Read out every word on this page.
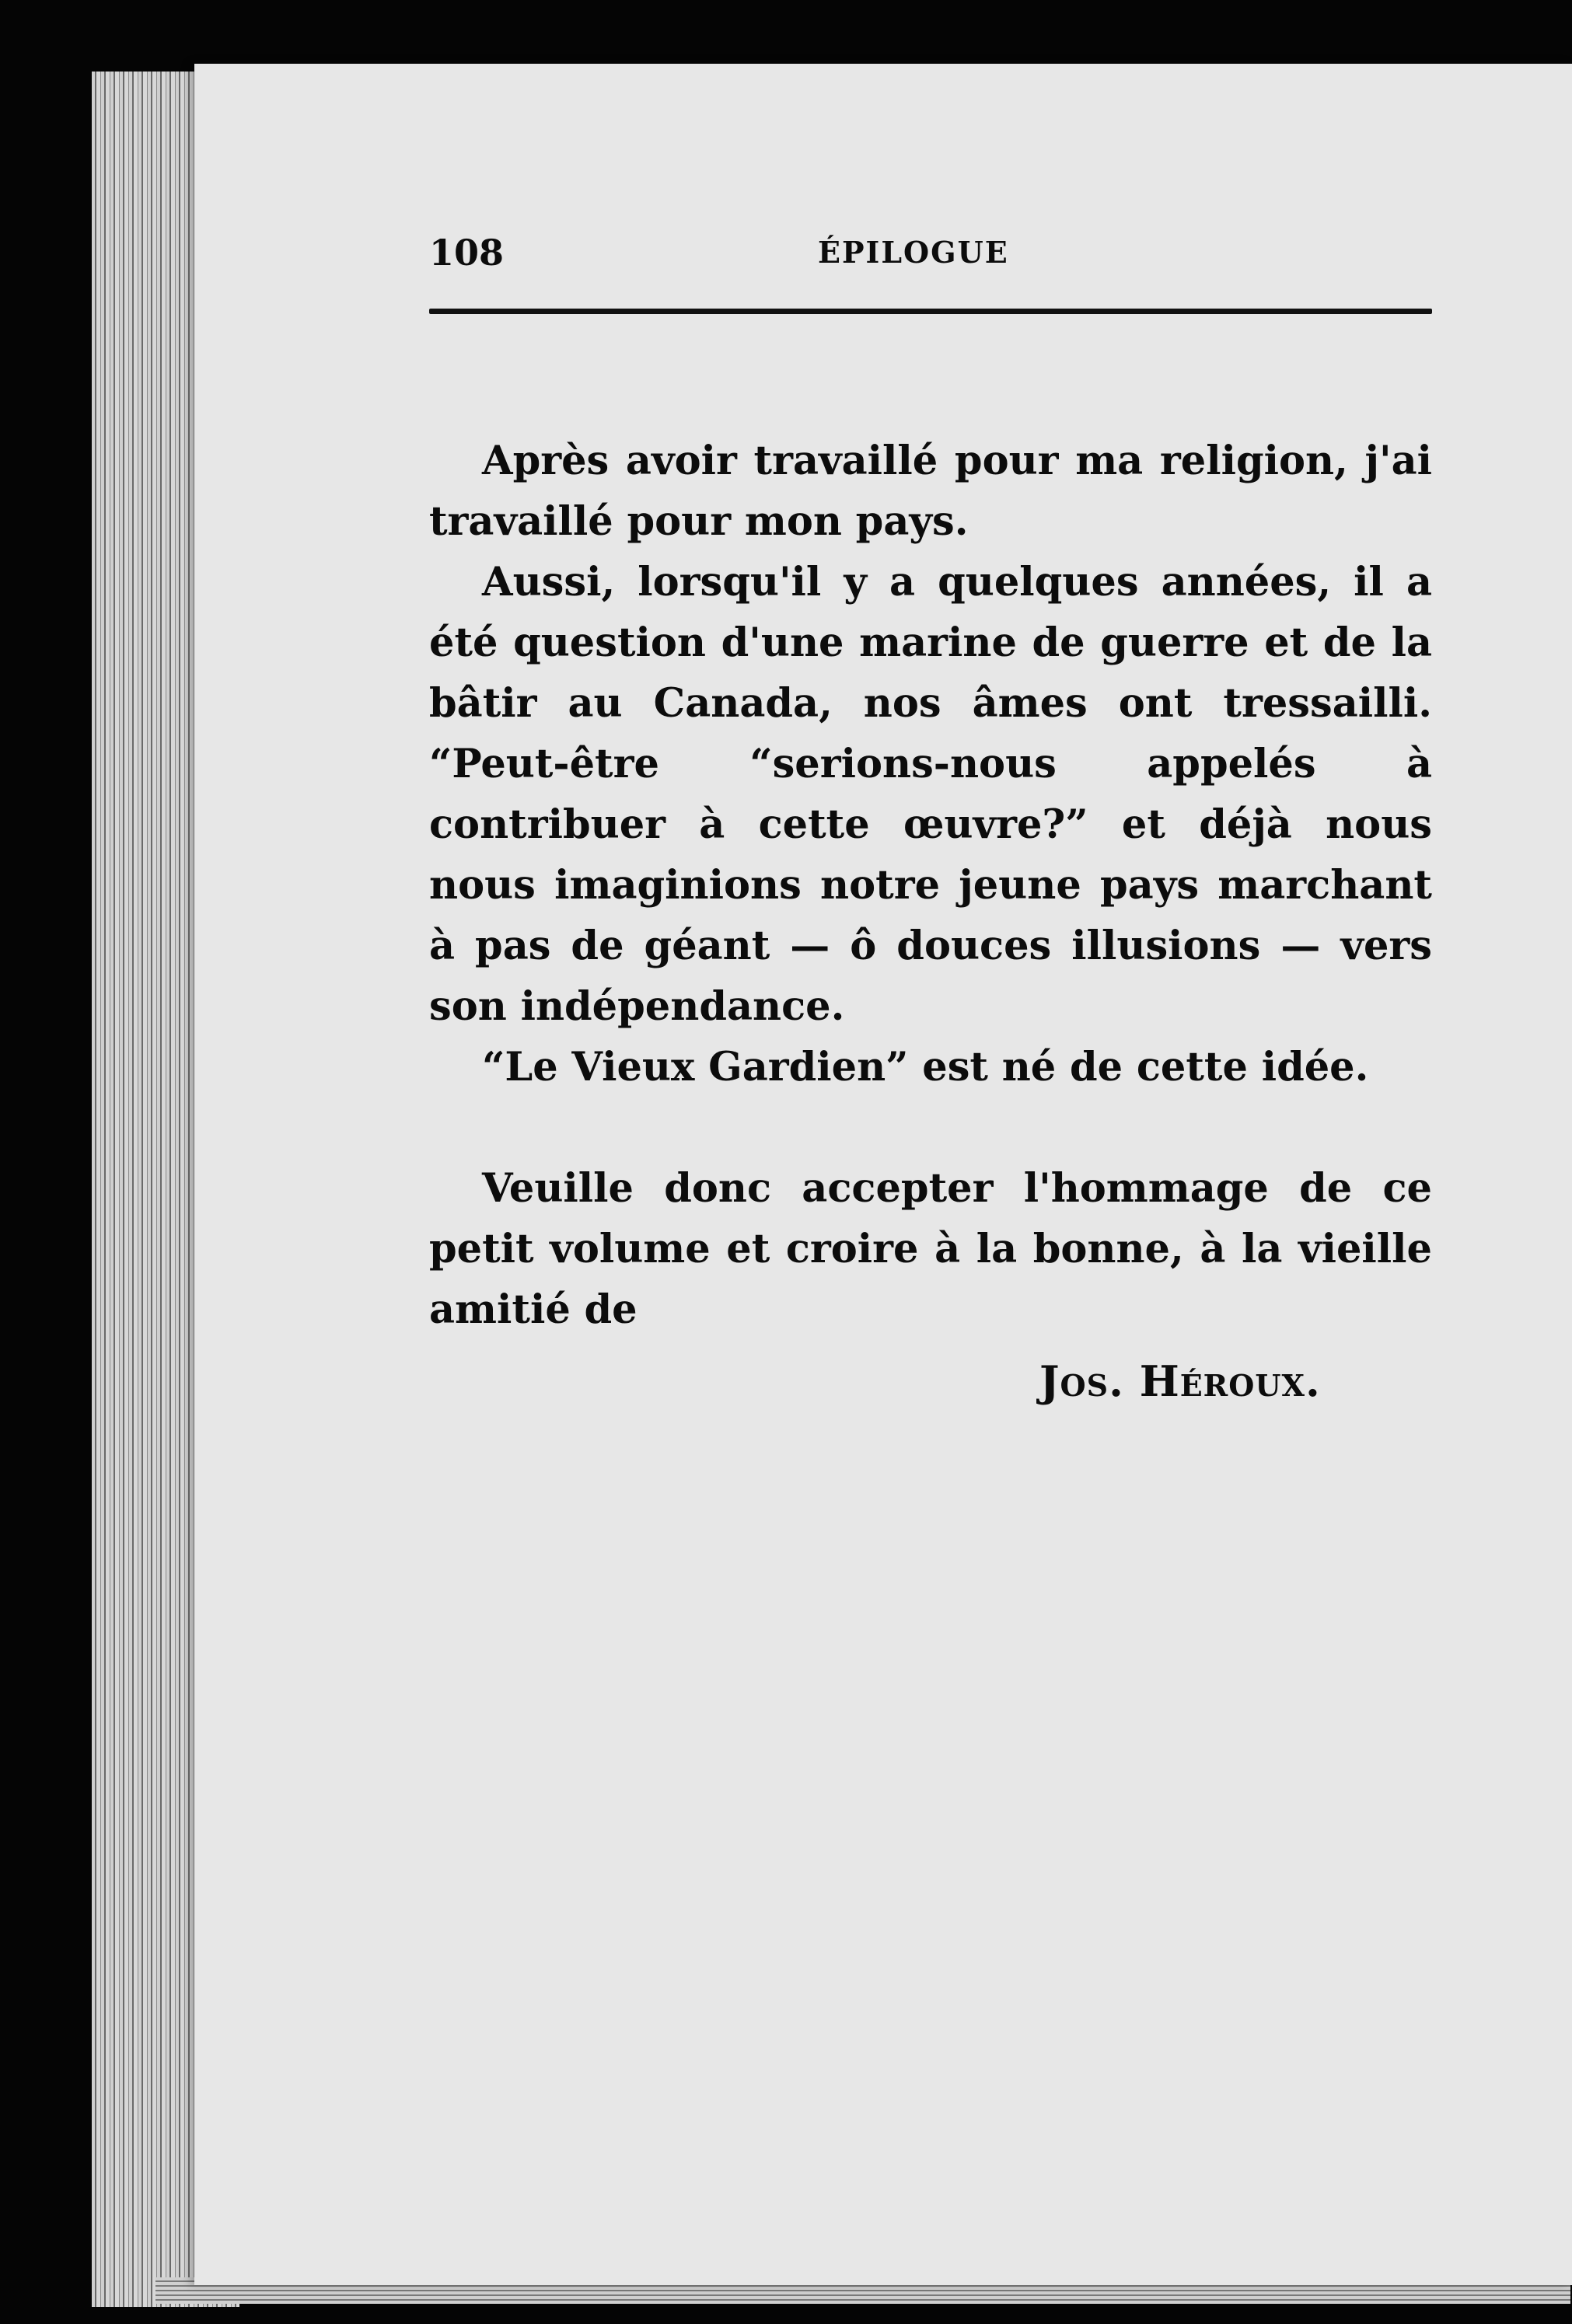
108	ÉPILOGUE

Après avoir travaillé pour ma religion, j'ai travaillé pour mon pays.

Aussi, lorsqu'il y a quelques années, il a été question d'une marine de guerre et de la bâtir au Canada, nos âmes ont tressailli. “Peut-être “serions-nous appelés à contribuer à cette œuvre?” et déjà nous nous imaginions notre jeune pays marchant à pas de géant — ô douces illusions — vers son indépendance.

“Le Vieux Gardien” est né de cette idée.

Veuille donc accepter l'hommage de ce petit volume et croire à la bonne, à la vieille amitié de

Jos. Héroux.
